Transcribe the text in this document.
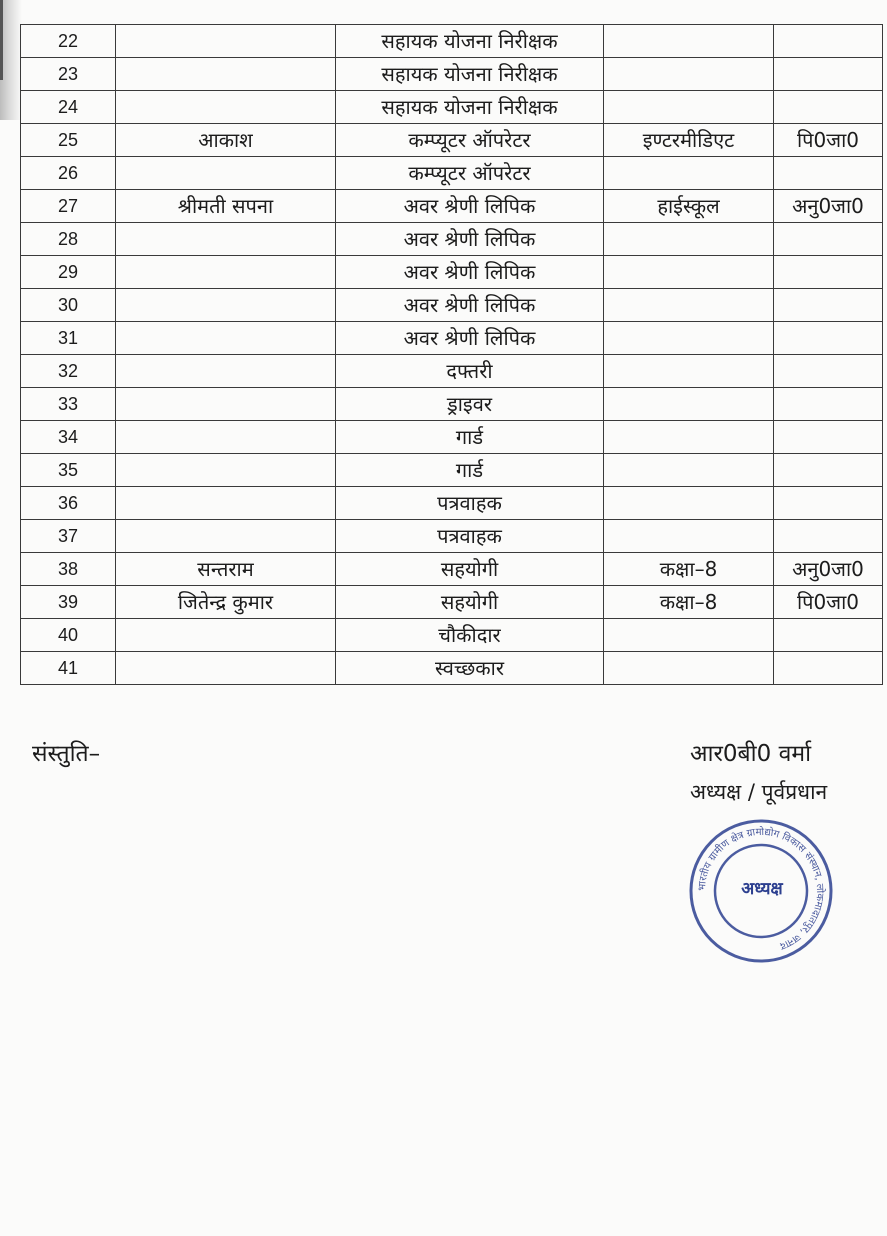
22		सहायक योजना निरीक्षक		
23		सहायक योजना निरीक्षक		
24		सहायक योजना निरीक्षक		
25	आकाश	कम्प्यूटर ऑपरेटर	इण्टरमीडिएट	पि0जा0
26		कम्प्यूटर ऑपरेटर		
27	श्रीमती सपना	अवर श्रेणी लिपिक	हाईस्कूल	अनु0जा0
28		अवर श्रेणी लिपिक		
29		अवर श्रेणी लिपिक		
30		अवर श्रेणी लिपिक		
31		अवर श्रेणी लिपिक		
32		दफ्तरी		
33		ड्राइवर		
34		गार्ड		
35		गार्ड		
36		पत्रवाहक		
37		पत्रवाहक		
38	सन्तराम	सहयोगी	कक्षा–8	अनु0जा0
39	जितेन्द्र कुमार	सहयोगी	कक्षा–8	पि0जा0
40		चौकीदार		
41		स्वच्छकार		
संस्तुति–	आर0बी0 वर्मा
अध्यक्ष / पूर्वप्रधान
भारतीय ग्रामीण क्षेत्र ग्रामोद्योग विकास संस्थान, लोकमादातपुर, जनाद
अध्यक्ष
